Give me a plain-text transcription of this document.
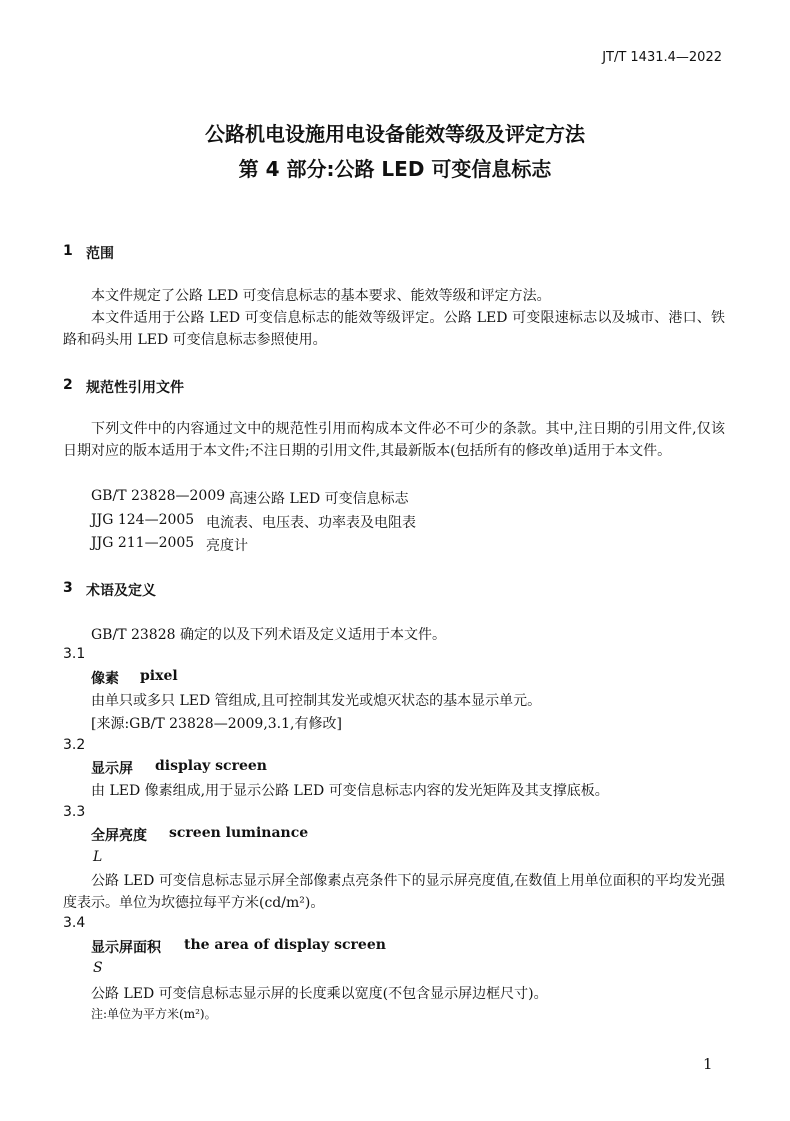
JT/T 1431.4—2022
公路机电设施用电设备能效等级及评定方法
第 4 部分:公路 LED 可变信息标志
1 范围
本文件规定了公路 LED 可变信息标志的基本要求、能效等级和评定方法。
本文件适用于公路 LED 可变信息标志的能效等级评定。公路 LED 可变限速标志以及城市、港口、铁路和码头用 LED 可变信息标志参照使用。
2 规范性引用文件
下列文件中的内容通过文中的规范性引用而构成本文件必不可少的条款。其中,注日期的引用文件,仅该日期对应的版本适用于本文件;不注日期的引用文件,其最新版本(包括所有的修改单)适用于本文件。
GB/T 23828—2009 高速公路 LED 可变信息标志
JJG 124—2005 电流表、电压表、功率表及电阻表
JJG 211—2005 亮度计
3 术语及定义
GB/T 23828 确定的以及下列术语及定义适用于本文件。
3.1
像素 pixel
由单只或多只 LED 管组成,且可控制其发光或熄灭状态的基本显示单元。
[来源:GB/T 23828—2009,3.1,有修改]
3.2
显示屏 display screen
由 LED 像素组成,用于显示公路 LED 可变信息标志内容的发光矩阵及其支撑底板。
3.3
全屏亮度 screen luminance
L
公路 LED 可变信息标志显示屏全部像素点亮条件下的显示屏亮度值,在数值上用单位面积的平均发光强度表示。单位为坎德拉每平方米(cd/m²)。
3.4
显示屏面积 the area of display screen
S
公路 LED 可变信息标志显示屏的长度乘以宽度(不包含显示屏边框尺寸)。
注:单位为平方米(m²)。
1
